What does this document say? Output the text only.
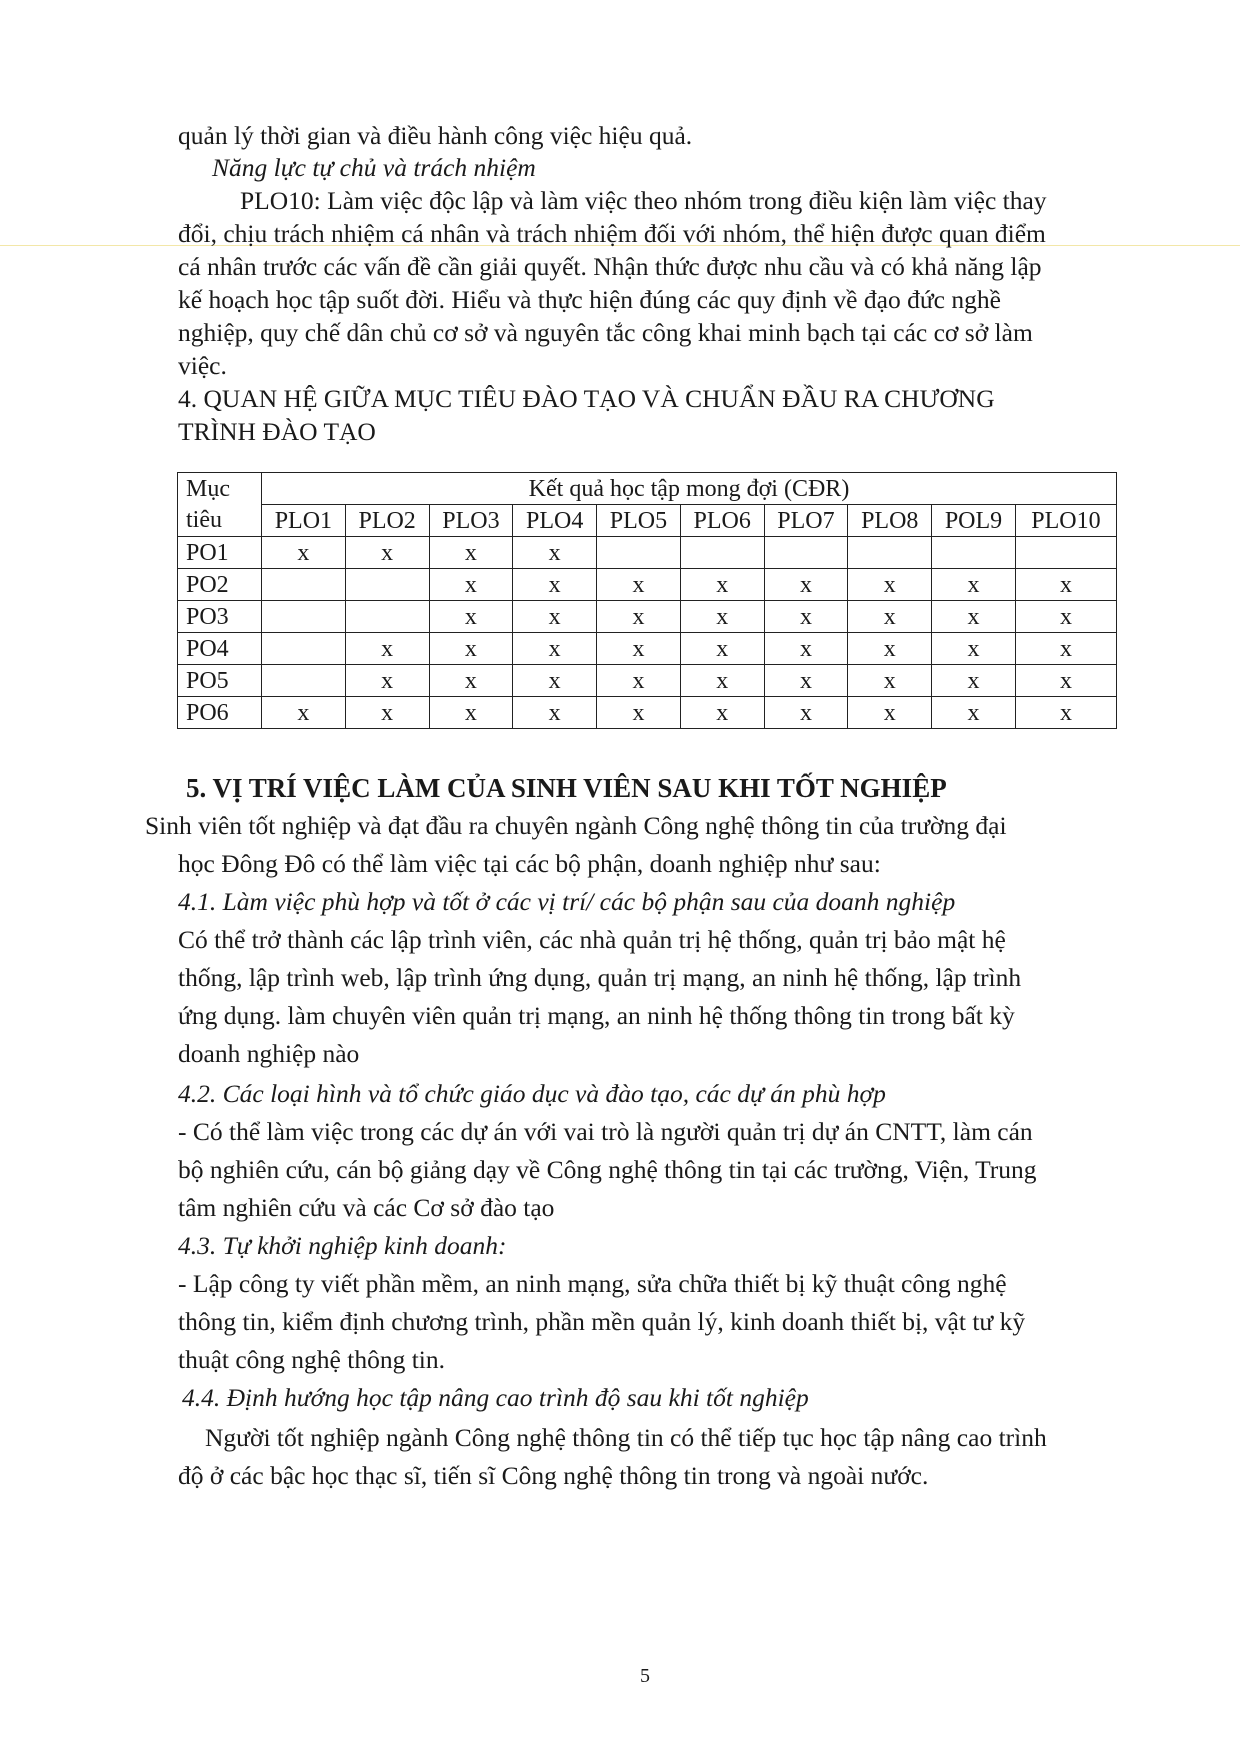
quản lý thời gian và điều hành công việc hiệu quả.
Năng lực tự chủ và trách nhiệm
PLO10: Làm việc độc lập và làm việc theo nhóm trong điều kiện làm việc thay
đổi, chịu trách nhiệm cá nhân và trách nhiệm đối với nhóm, thể hiện được quan điểm
cá nhân trước các vấn đề cần giải quyết. Nhận thức được nhu cầu và có khả năng lập
kế hoạch học tập suốt đời. Hiểu và thực hiện đúng các quy định về đạo đức nghề
nghiệp, quy chế dân chủ cơ sở và nguyên tắc công khai minh bạch tại các cơ sở làm
việc.
4. QUAN HỆ GIỮA MỤC TIÊU ĐÀO TẠO VÀ CHUẨN ĐẦU RA CHƯƠNG
TRÌNH ĐÀO TẠO
Mục	Kết quả học tập mong đợi (CĐR)									
tiêu	PLO1	PLO2	PLO3	PLO4	PLO5	PLO6	PLO7	PLO8	POL9	PLO10
PO1	x	x	x	x						
PO2			x	x	x	x	x	x	x	x
PO3			x	x	x	x	x	x	x	x
PO4		x	x	x	x	x	x	x	x	x
PO5		x	x	x	x	x	x	x	x	x
PO6	x	x	x	x	x	x	x	x	x	x
5. VỊ TRÍ VIỆC LÀM CỦA SINH VIÊN SAU KHI TỐT NGHIỆP
Sinh viên tốt nghiệp và đạt đầu ra chuyên ngành Công nghệ thông tin của trường đại
học Đông Đô có thể làm việc tại các bộ phận, doanh nghiệp như sau:
4.1. Làm việc phù hợp và tốt ở các vị trí/ các bộ phận sau của doanh nghiệp
Có thể trở thành các lập trình viên, các nhà quản trị hệ thống, quản trị bảo mật hệ
thống, lập trình web, lập trình ứng dụng, quản trị mạng, an ninh hệ thống, lập trình
ứng dụng. làm chuyên viên quản trị mạng, an ninh hệ thống thông tin trong bất kỳ
doanh nghiệp nào
4.2. Các loại hình và tổ chức giáo dục và đào tạo, các dự án phù hợp
- Có thể làm việc trong các dự án với vai trò là người quản trị dự án CNTT, làm cán
bộ nghiên cứu, cán bộ giảng dạy về Công nghệ thông tin tại các trường, Viện, Trung
tâm nghiên cứu và các Cơ sở đào tạo
4.3. Tự khởi nghiệp kinh doanh:
- Lập công ty viết phần mềm, an ninh mạng, sửa chữa thiết bị kỹ thuật công nghệ
thông tin, kiểm định chương trình, phần mền quản lý, kinh doanh thiết bị, vật tư kỹ
thuật công nghệ thông tin.
4.4. Định hướng học tập nâng cao trình độ sau khi tốt nghiệp
Người tốt nghiệp ngành Công nghệ thông tin có thể tiếp tục học tập nâng cao trình
độ ở các bậc học thạc sĩ, tiến sĩ Công nghệ thông tin trong và ngoài nước.
5
